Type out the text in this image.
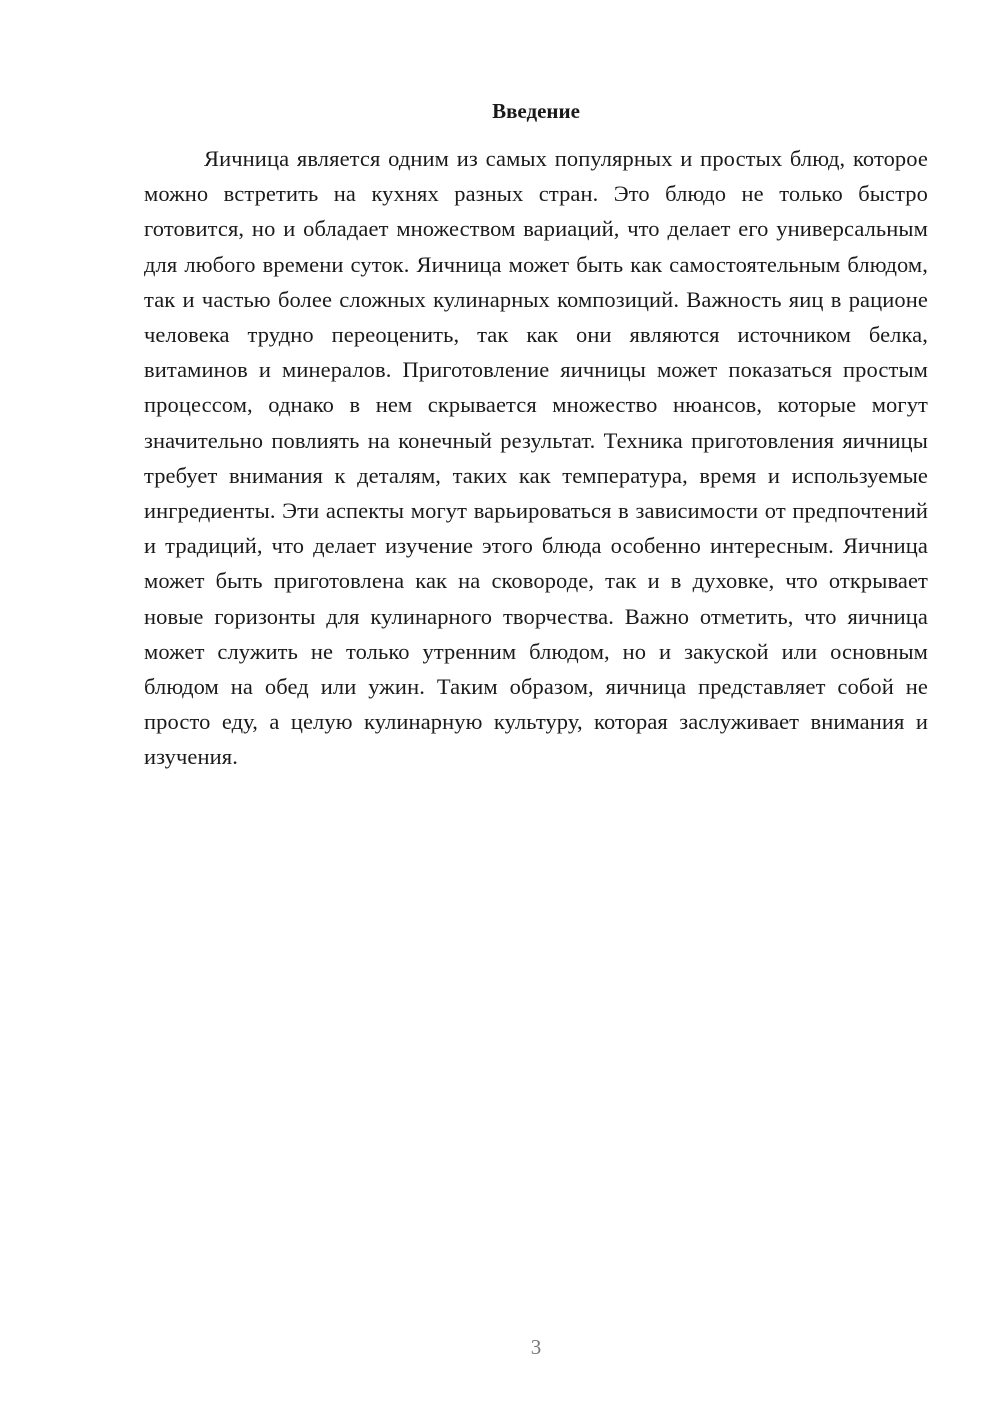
Введение

Яичница является одним из самых популярных и простых блюд, которое можно встретить на кухнях разных стран. Это блюдо не только быстро готовится, но и обладает множеством вариаций, что делает его универсальным для любого времени суток. Яичница может быть как самостоятельным блюдом, так и частью более сложных кулинарных композиций. Важность яиц в рационе человека трудно переоценить, так как они являются источником белка, витаминов и минералов. Приготовление яичницы может показаться простым процессом, однако в нем скрывается множество нюансов, которые могут значительно повлиять на конечный результат. Техника приготовления яичницы требует внимания к деталям, таких как температура, время и используемые ингредиенты. Эти аспекты могут варьироваться в зависимости от предпочтений и традиций, что делает изучение этого блюда особенно интересным. Яичница может быть приготовлена как на сковороде, так и в духовке, что открывает новые горизонты для кулинарного творчества. Важно отметить, что яичница может служить не только утренним блюдом, но и закуской или основным блюдом на обед или ужин. Таким образом, яичница представляет собой не просто еду, а целую кулинарную культуру, которая заслуживает внимания и изучения.

3
